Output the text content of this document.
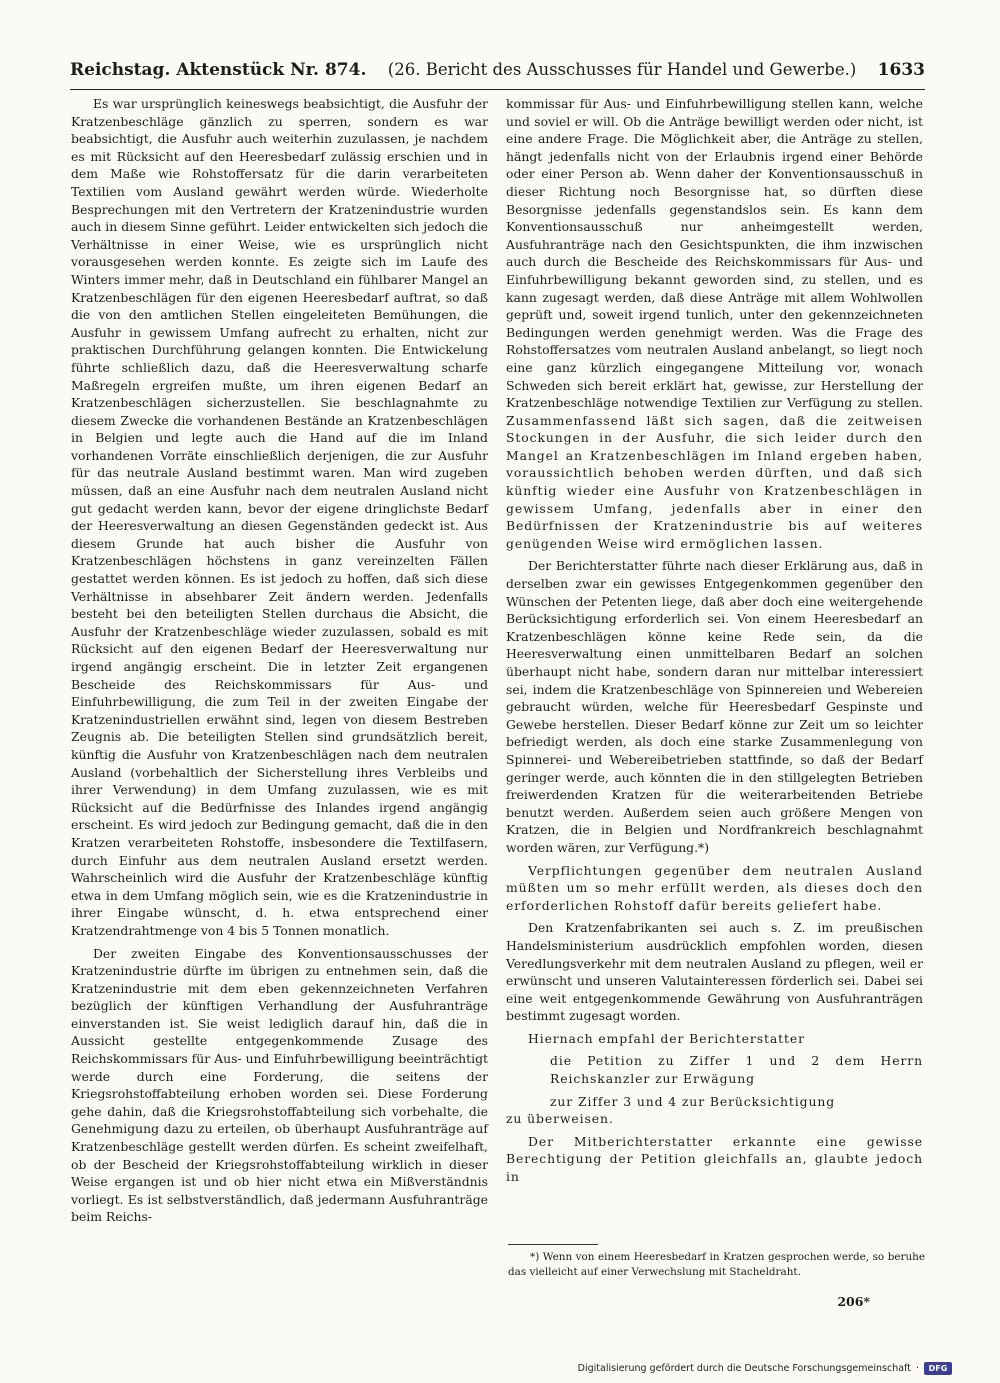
Reichstag. Aktenstück Nr. 874.	(26. Bericht des Ausschusses für Handel und Gewerbe.)	1633

Es war ursprünglich keineswegs beabsichtigt, die Ausfuhr der Kratzenbeschläge gänzlich zu sperren, sondern es war beabsichtigt, die Ausfuhr auch weiterhin zuzulassen, je nachdem es mit Rücksicht auf den Heeresbedarf zulässig erschien und in dem Maße wie Rohstoffersatz für die darin verarbeiteten Textilien vom Ausland gewährt werden würde. Wiederholte Besprechungen mit den Vertretern der Kratzenindustrie wurden auch in diesem Sinne geführt. Leider entwickelten sich jedoch die Verhältnisse in einer Weise, wie es ursprünglich nicht vorausgesehen werden konnte. Es zeigte sich im Laufe des Winters immer mehr, daß in Deutschland ein fühlbarer Mangel an Kratzenbeschlägen für den eigenen Heeresbedarf auftrat, so daß die von den amtlichen Stellen eingeleiteten Bemühungen, die Ausfuhr in gewissem Umfang aufrecht zu erhalten, nicht zur praktischen Durchführung gelangen konnten. Die Entwickelung führte schließlich dazu, daß die Heeresverwaltung scharfe Maßregeln ergreifen mußte, um ihren eigenen Bedarf an Kratzenbeschlägen sicherzustellen. Sie beschlagnahmte zu diesem Zwecke die vorhandenen Bestände an Kratzenbeschlägen in Belgien und legte auch die Hand auf die im Inland vorhandenen Vorräte einschließlich derjenigen, die zur Ausfuhr für das neutrale Ausland bestimmt waren. Man wird zugeben müssen, daß an eine Ausfuhr nach dem neutralen Ausland nicht gut gedacht werden kann, bevor der eigene dringlichste Bedarf der Heeresverwaltung an diesen Gegenständen gedeckt ist. Aus diesem Grunde hat auch bisher die Ausfuhr von Kratzenbeschlägen höchstens in ganz vereinzelten Fällen gestattet werden können. Es ist jedoch zu hoffen, daß sich diese Verhältnisse in absehbarer Zeit ändern werden. Jedenfalls besteht bei den beteiligten Stellen durchaus die Absicht, die Ausfuhr der Kratzenbeschläge wieder zuzulassen, sobald es mit Rücksicht auf den eigenen Bedarf der Heeresverwaltung nur irgend angängig erscheint. Die in letzter Zeit ergangenen Bescheide des Reichskommissars für Aus- und Einfuhrbewilligung, die zum Teil in der zweiten Eingabe der Kratzenindustriellen erwähnt sind, legen von diesem Bestreben Zeugnis ab. Die beteiligten Stellen sind grundsätzlich bereit, künftig die Ausfuhr von Kratzenbeschlägen nach dem neutralen Ausland (vorbehaltlich der Sicherstellung ihres Verbleibs und ihrer Verwendung) in dem Umfang zuzulassen, wie es mit Rücksicht auf die Bedürfnisse des Inlandes irgend angängig erscheint. Es wird jedoch zur Bedingung gemacht, daß die in den Kratzen verarbeiteten Rohstoffe, insbesondere die Textilfasern, durch Einfuhr aus dem neutralen Ausland ersetzt werden. Wahrscheinlich wird die Ausfuhr der Kratzenbeschläge künftig etwa in dem Umfang möglich sein, wie es die Kratzenindustrie in ihrer Eingabe wünscht, d. h. etwa entsprechend einer Kratzendrahtmenge von 4 bis 5 Tonnen monatlich.

Der zweiten Eingabe des Konventionsausschusses der Kratzenindustrie dürfte im übrigen zu entnehmen sein, daß die Kratzenindustrie mit dem eben gekennzeichneten Verfahren bezüglich der künftigen Verhandlung der Ausfuhranträge einverstanden ist. Sie weist lediglich darauf hin, daß die in Aussicht gestellte entgegenkommende Zusage des Reichskommissars für Aus- und Einfuhrbewilligung beeinträchtigt werde durch eine Forderung, die seitens der Kriegsrohstoffabteilung erhoben worden sei. Diese Forderung gehe dahin, daß die Kriegsrohstoffabteilung sich vorbehalte, die Genehmigung dazu zu erteilen, ob überhaupt Ausfuhranträge auf Kratzenbeschläge gestellt werden dürfen. Es scheint zweifelhaft, ob der Bescheid der Kriegsrohstoffabteilung wirklich in dieser Weise ergangen ist und ob hier nicht etwa ein Mißverständnis vorliegt. Es ist selbstverständlich, daß jedermann Ausfuhranträge beim Reichs-

kommissar für Aus- und Einfuhrbewilligung stellen kann, welche und soviel er will. Ob die Anträge bewilligt werden oder nicht, ist eine andere Frage. Die Möglichkeit aber, die Anträge zu stellen, hängt jedenfalls nicht von der Erlaubnis irgend einer Behörde oder einer Person ab. Wenn daher der Konventionsausschuß in dieser Richtung noch Besorgnisse hat, so dürften diese Besorgnisse jedenfalls gegenstandslos sein. Es kann dem Konventionsausschuß nur anheimgestellt werden, Ausfuhranträge nach den Gesichtspunkten, die ihm inzwischen auch durch die Bescheide des Reichskommissars für Aus- und Einfuhrbewilligung bekannt geworden sind, zu stellen, und es kann zugesagt werden, daß diese Anträge mit allem Wohlwollen geprüft und, soweit irgend tunlich, unter den gekennzeichneten Bedingungen werden genehmigt werden. Was die Frage des Rohstoffersatzes vom neutralen Ausland anbelangt, so liegt noch eine ganz kürzlich eingegangene Mitteilung vor, wonach Schweden sich bereit erklärt hat, gewisse, zur Herstellung der Kratzenbeschläge notwendige Textilien zur Verfügung zu stellen. Zusammenfassend läßt sich sagen, daß die zeitweisen Stockungen in der Ausfuhr, die sich leider durch den Mangel an Kratzenbeschlägen im Inland ergeben haben, voraussichtlich behoben werden dürften, und daß sich künftig wieder eine Ausfuhr von Kratzenbeschlägen in gewissem Umfang, jedenfalls aber in einer den Bedürfnissen der Kratzenindustrie bis auf weiteres genügenden Weise wird ermöglichen lassen.

Der Berichterstatter führte nach dieser Erklärung aus, daß in derselben zwar ein gewisses Entgegenkommen gegenüber den Wünschen der Petenten liege, daß aber doch eine weitergehende Berücksichtigung erforderlich sei. Von einem Heeresbedarf an Kratzenbeschlägen könne keine Rede sein, da die Heeresverwaltung einen unmittelbaren Bedarf an solchen überhaupt nicht habe, sondern daran nur mittelbar interessiert sei, indem die Kratzenbeschläge von Spinnereien und Webereien gebraucht würden, welche für Heeresbedarf Gespinste und Gewebe herstellen. Dieser Bedarf könne zur Zeit um so leichter befriedigt werden, als doch eine starke Zusammenlegung von Spinnerei- und Webereibetrieben stattfinde, so daß der Bedarf geringer werde, auch könnten die in den stillgelegten Betrieben freiwerdenden Kratzen für die weiterarbeitenden Betriebe benutzt werden. Außerdem seien auch größere Mengen von Kratzen, die in Belgien und Nordfrankreich beschlagnahmt worden wären, zur Verfügung.*)

Verpflichtungen gegenüber dem neutralen Ausland müßten um so mehr erfüllt werden, als dieses doch den erforderlichen Rohstoff dafür bereits geliefert habe.

Den Kratzenfabrikanten sei auch s. Z. im preußischen Handelsministerium ausdrücklich empfohlen worden, diesen Veredlungsverkehr mit dem neutralen Ausland zu pflegen, weil er erwünscht und unseren Valutainteressen förderlich sei. Dabei sei eine weit entgegenkommende Gewährung von Ausfuhranträgen bestimmt zugesagt worden.

Hiernach empfahl der Berichterstatter

die Petition zu Ziffer 1 und 2 dem Herrn Reichskanzler zur Erwägung

zur Ziffer 3 und 4 zur Berücksichtigung

zu überweisen.

Der Mitberichterstatter erkannte eine gewisse Berechtigung der Petition gleichfalls an, glaubte jedoch in

*) Wenn von einem Heeresbedarf in Kratzen gesprochen werde, so beruhe das vielleicht auf einer Verwechslung mit Stacheldraht.

206*
Digitalisierung gefördert durch die Deutsche Forschungsgemeinschaft ·	DFG
